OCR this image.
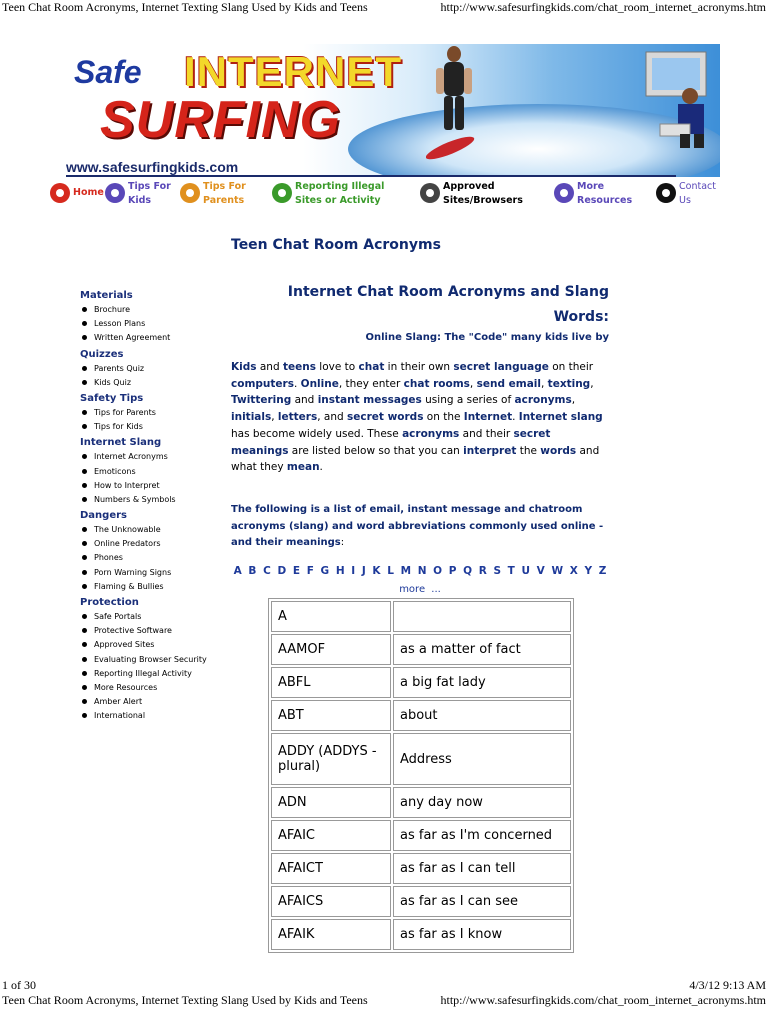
Teen Chat Room Acronyms, Internet Texting Slang Used by Kids and Teens	http://www.safesurfingkids.com/chat_room_internet_acronyms.htm
Safe INTERNET
SURFING
www.safesurfingkids.com
Home
Tips For Kids
Tips For Parents
Reporting Illegal Sites or Activity
Approved Sites/Browsers
More Resources
Contact Us
Teen Chat Room Acronyms
Materials
Brochure
Lesson Plans
Written Agreement
Quizzes
Parents Quiz
Kids Quiz
Safety Tips
Tips for Parents
Tips for Kids
Internet Slang
Internet Acronyms
Emoticons
How to Interpret
Numbers & Symbols
Dangers
The Unknowable
Online Predators
Phones
Porn Warning Signs
Flaming & Bullies
Protection
Safe Portals
Protective Software
Approved Sites
Evaluating Browser Security
Reporting Illegal Activity
More Resources
Amber Alert
International
Internet Chat Room Acronyms and Slang Words:
Online Slang: The "Code" many kids live by
Kids and teens love to chat in their own secret language on their computers. Online, they enter chat rooms, send email, texting, Twittering and instant messages using a series of acronyms, initials, letters, and secret words on the Internet. Internet slang has become widely used. These acronyms and their secret meanings are listed below so that you can interpret the words and what they mean.
The following is a list of email, instant message and chatroom acronyms (slang) and word abbreviations commonly used online - and their meanings:
A B C D E F G H I J K L M N O P Q R S T U V W X Y Z more ...
A	
AAMOF	as a matter of fact
ABFL	a big fat lady
ABT	about
ADDY (ADDYS - plural)	Address
ADN	any day now
AFAIC	as far as I'm concerned
AFAICT	as far as I can tell
AFAICS	as far as I can see
AFAIK	as far as I know
1 of 30	4/3/12 9:13 AM
Teen Chat Room Acronyms, Internet Texting Slang Used by Kids and Teens	http://www.safesurfingkids.com/chat_room_internet_acronyms.htm
